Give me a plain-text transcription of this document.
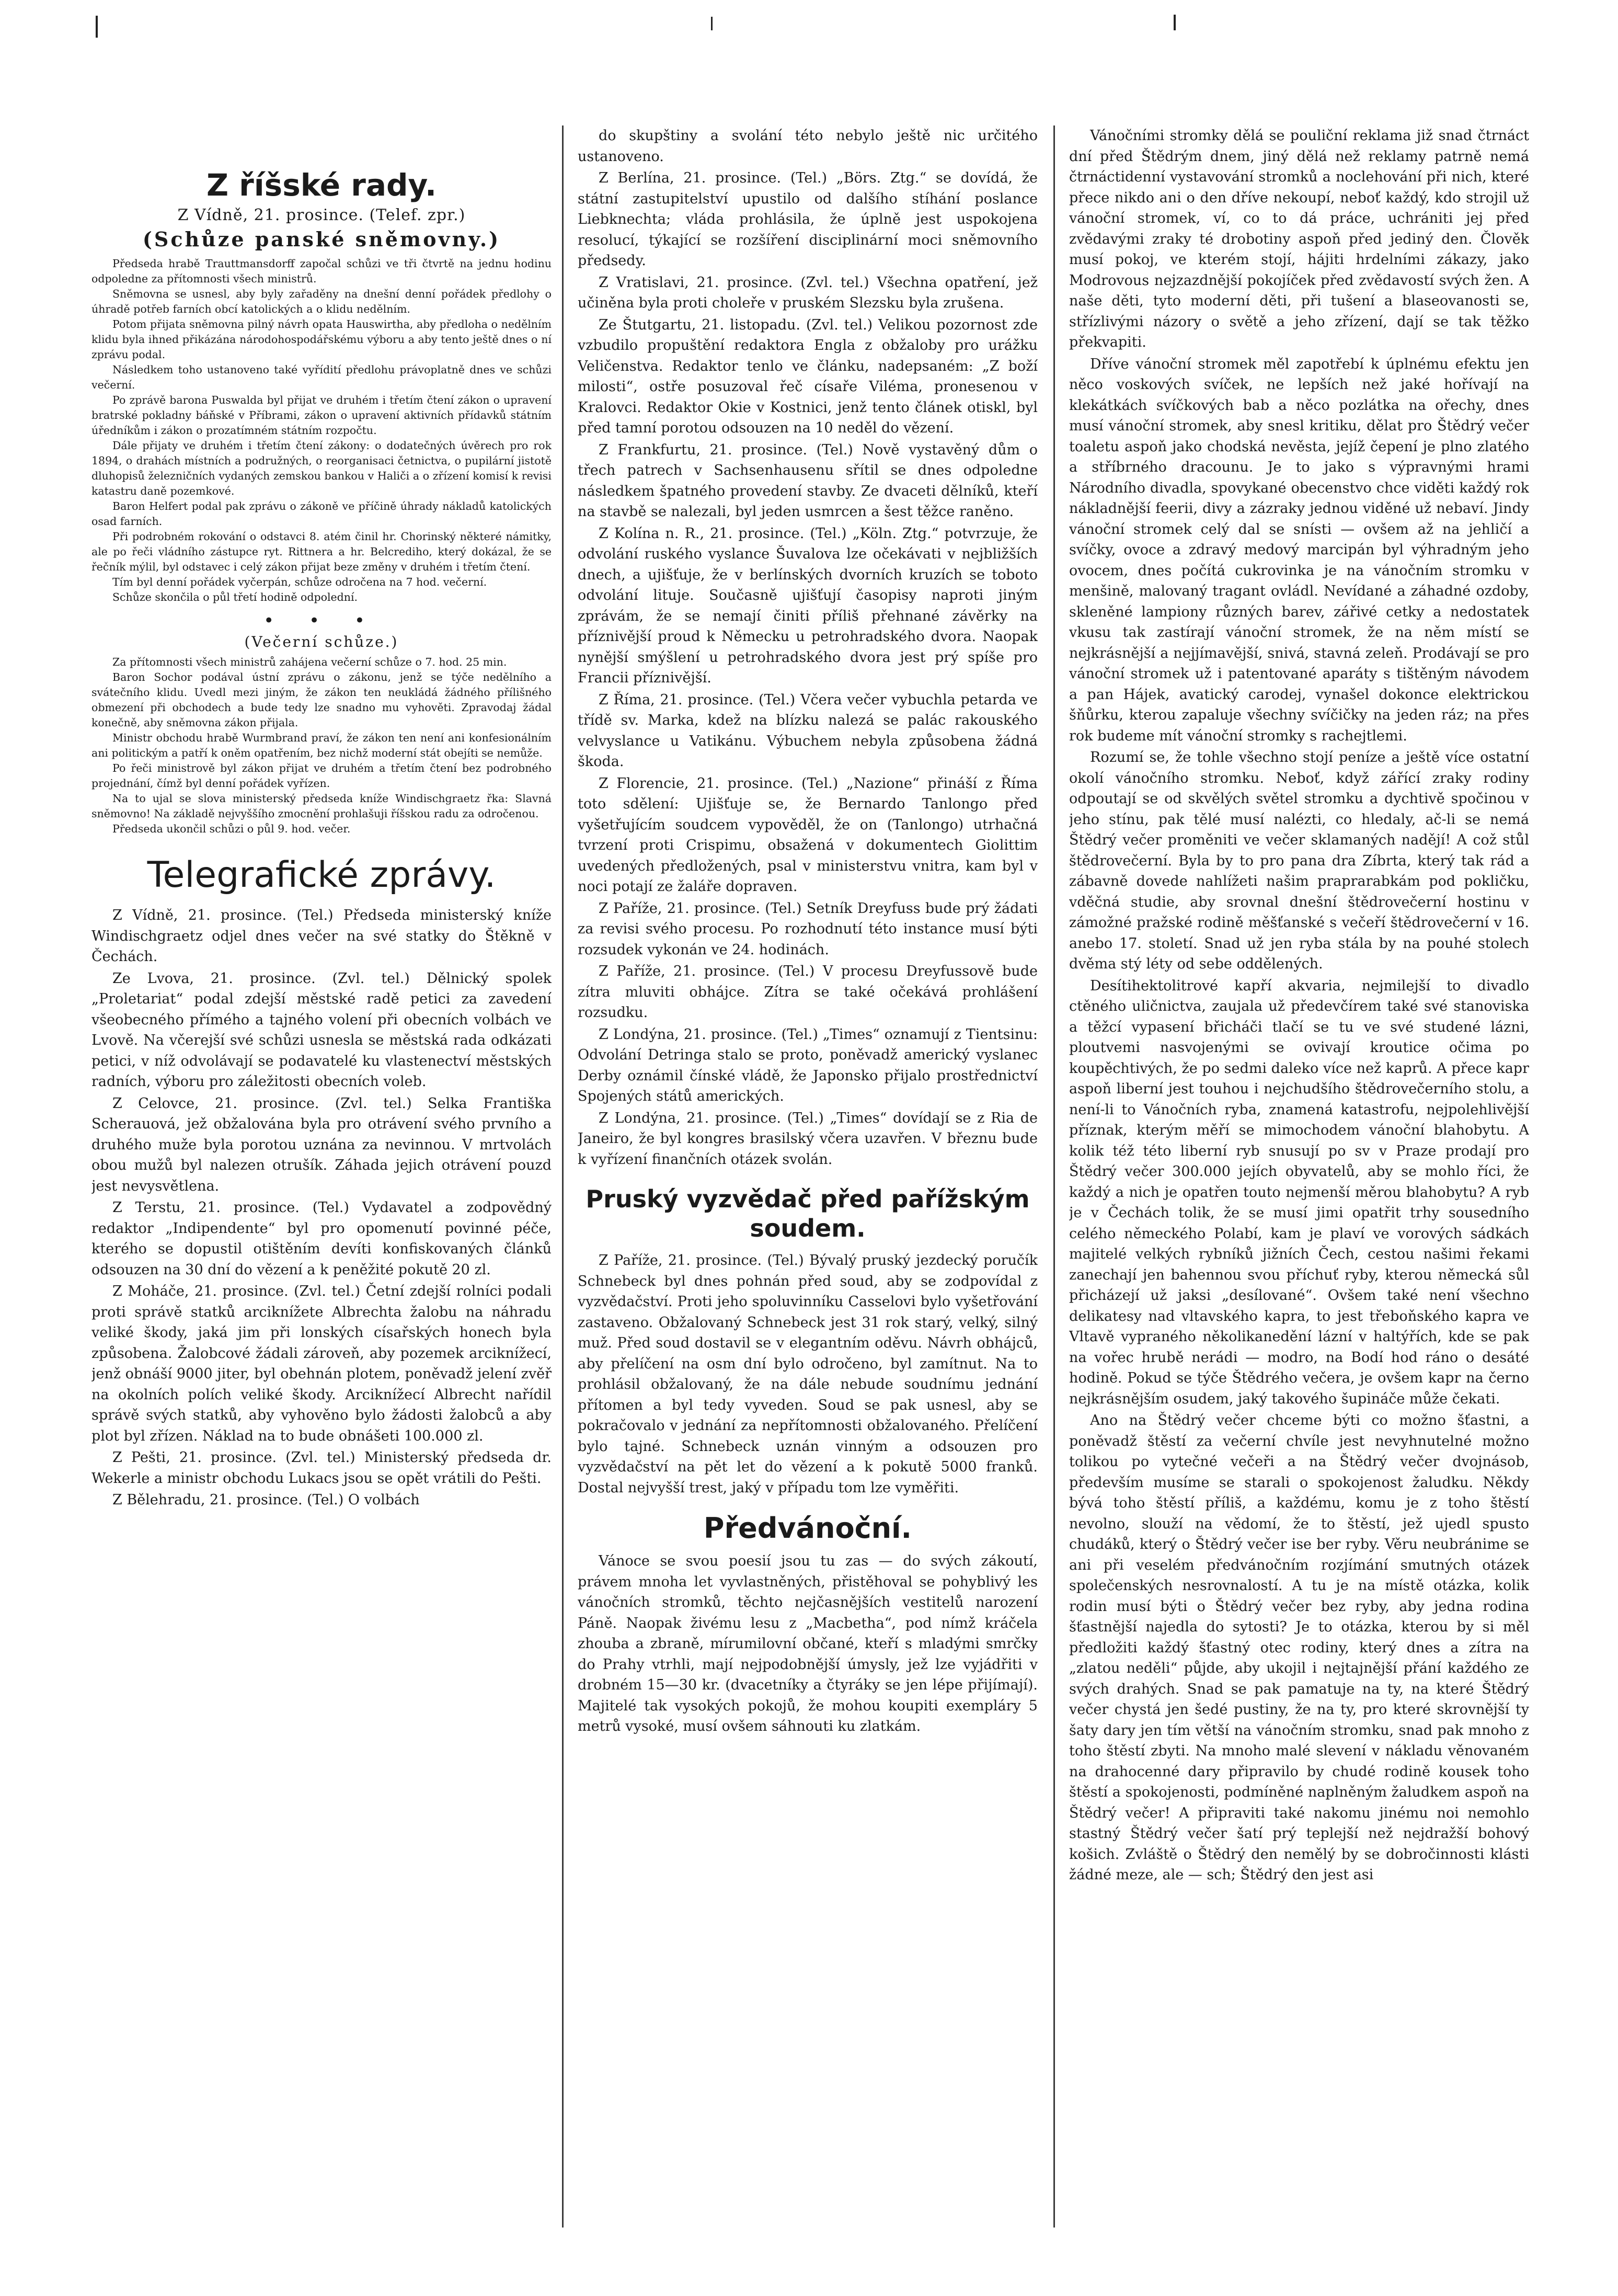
Z říšské rady.
Z Vídně, 21. prosince. (Telef. zpr.)
(Schůze panské sněmovny.)

Předseda hrabě Trauttmansdorff započal schůzi ve tři čtvrtě na jednu hodinu odpoledne za přítomnosti všech ministrů.

Sněmovna se usnesl, aby byly zařaděny na dnešní denní pořádek předlohy o úhradě potřeb farních obcí katolických a o klidu nedělním.

Potom přijata sněmovna pilný návrh opata Hauswirtha, aby předloha o nedělním klidu byla ihned přikázána národohospodářskému výboru a aby tento ještě dnes o ní zprávu podal.

Následkem toho ustanoveno také vyřídití předlohu právoplatně dnes ve schůzi večerní.

Po zprávě barona Puswalda byl přijat ve druhém i třetím čtení zákon o upravení bratrské pokladny báňské v Příbrami, zákon o upravení aktivních přídavků státním úředníkům i zákon o prozatímném státním rozpočtu.

Dále přijaty ve druhém i třetím čtení zákony: o dodatečných úvěrech pro rok 1894, o drahách místních a podružných, o reorganisaci četnictva, o pupilární jistotě dluhopisů železničních vydaných zemskou bankou v Haliči a o zřízení komisí k revisi katastru daně pozemkové.

Baron Helfert podal pak zprávu o zákoně ve příčině úhrady nákladů katolických osad farních.

Při podrobném rokování o odstavci 8. atém činil hr. Chorinský některé námitky, ale po řeči vládního zástupce ryt. Rittnera a hr. Belcrediho, který dokázal, že se řečník mýlil, byl odstavec i celý zákon přijat beze změny v druhém i třetím čtení.

Tím byl denní pořádek vyčerpán, schůze odročena na 7 hod. večerní.

Schůze skončila o půl třetí hodině odpolední.

• • •
(Večerní schůze.)

Za přítomnosti všech ministrů zahájena večerní schůze o 7. hod. 25 min.

Baron Sochor podával ústní zprávu o zákonu, jenž se týče nedělního a svátečního klidu. Uvedl mezi jiným, že zákon ten neukládá žádného přílišného obmezení při obchodech a bude tedy lze snadno mu vyhověti. Zpravodaj žádal konečně, aby sněmovna zákon přijala.

Ministr obchodu hrabě Wurmbrand praví, že zákon ten není ani konfesionálním ani politickým a patří k oněm opatřením, bez nichž moderní stát obejíti se nemůže.

Po řeči ministrově byl zákon přijat ve druhém a třetím čtení bez podrobného projednání, čímž byl denní pořádek vyřízen.

Na to ujal se slova ministerský předseda kníže Windischgraetz řka: Slavná sněmovno! Na základě nejvyššího zmocnění prohlašuji říšskou radu za odročenou.

Předseda ukončil schůzi o půl 9. hod. večer.

Telegrafické zprávy.

Z Vídně, 21. prosince. (Tel.) Předseda ministerský kníže Windischgraetz odjel dnes večer na své statky do Štěkně v Čechách.

Ze Lvova, 21. prosince. (Zvl. tel.) Dělnický spolek „Proletariat“ podal zdejší městské radě petici za zavedení všeobecného přímého a tajného volení při obecních volbách ve Lvově. Na včerejší své schůzi usnesla se městská rada odkázati petici, v níž odvolávají se podavatelé ku vlastenectví městských radních, výboru pro záležitosti obecních voleb.

Z Celovce, 21. prosince. (Zvl. tel.) Selka Františka Scherauová, jež obžalována byla pro otrávení svého prvního a druhého muže byla porotou uznána za nevinnou. V mrtvolách obou mužů byl nalezen otrušík. Záhada jejich otrávení pouzd jest nevysvětlena.

Z Terstu, 21. prosince. (Tel.) Vydavatel a zodpovědný redaktor „Indipendente“ byl pro opomenutí povinné péče, kterého se dopustil otištěním devíti konfiskovaných článků odsouzen na 30 dní do vězení a k peněžité pokutě 20 zl.

Z Moháče, 21. prosince. (Zvl. tel.) Četní zdejší rolníci podali proti správě statků arciknížete Albrechta žalobu na náhradu veliké škody, jaká jim při lonských císařských honech byla způsobena. Žalobcové žádali zároveň, aby pozemek arciknížecí, jenž obnáší 9000 jiter, byl obehnán plotem, poněvadž jelení zvěř na okolních polích veliké škody. Arciknížecí Albrecht nařídil správě svých statků, aby vyhověno bylo žádosti žalobců a aby plot byl zřízen. Náklad na to bude obnášeti 100.000 zl.

Z Pešti, 21. prosince. (Zvl. tel.) Ministerský předseda dr. Wekerle a ministr obchodu Lukacs jsou se opět vrátili do Pešti.

Z Bělehradu, 21. prosince. (Tel.) O volbách

do skupštiny a svolání této nebylo ještě nic určitého ustanoveno.

Z Berlína, 21. prosince. (Tel.) „Börs. Ztg.“ se dovídá, že státní zastupitelství upustilo od dalšího stíhání poslance Liebknechta; vláda prohlásila, že úplně jest uspokojena resolucí, týkající se rozšíření disciplinární moci sněmovního předsedy.

Z Vratislavi, 21. prosince. (Zvl. tel.) Všechna opatření, jež učiněna byla proti choleře v pruském Slezsku byla zrušena.

Ze Štutgartu, 21. listopadu. (Zvl. tel.) Velikou pozornost zde vzbudilo propuštění redaktora Engla z obžaloby pro urážku Veličenstva. Redaktor tenlo ve článku, nadepsaném: „Z boží milosti“, ostře posuzoval řeč císaře Viléma, pronesenou v Kralovci. Redaktor Okie v Kostnici, jenž tento článek otiskl, byl před tamní porotou odsouzen na 10 neděl do vězení.

Z Frankfurtu, 21. prosince. (Tel.) Nově vystavěný dům o třech patrech v Sachsenhausenu sřítil se dnes odpoledne následkem špatného provedení stavby. Ze dvaceti dělníků, kteří na stavbě se nalezali, byl jeden usmrcen a šest těžce raněno.

Z Kolína n. R., 21. prosince. (Tel.) „Köln. Ztg.“ potvrzuje, že odvolání ruského vyslance Šuvalova lze očekávati v nejbližších dnech, a ujišťuje, že v berlínských dvorních kruzích se toboto odvolání lituje. Současně ujišťují časopisy naproti jiným zprávám, že se nemají činiti příliš přehnané závěrky na příznivější proud k Německu u petrohradského dvora. Naopak nynější smýšlení u petrohradského dvora jest prý spíše pro Francii příznivější.

Z Říma, 21. prosince. (Tel.) Včera večer vybuchla petarda ve třídě sv. Marka, kdež na blízku nalezá se palác rakouského velvyslance u Vatikánu. Výbuchem nebyla způsobena žádná škoda.

Z Florencie, 21. prosince. (Tel.) „Nazione“ přináší z Říma toto sdělení: Ujišťuje se, že Bernardo Tanlongo před vyšetřujícím soudcem vypověděl, že on (Tanlongo) utrhačná tvrzení proti Crispimu, obsažená v dokumentech Giolittim uvedených předložených, psal v ministerstvu vnitra, kam byl v noci potají ze žaláře dopraven.

Z Paříže, 21. prosince. (Tel.) Setník Dreyfuss bude prý žádati za revisi svého procesu. Po rozhodnutí této instance musí býti rozsudek vykonán ve 24. hodinách.

Z Paříže, 21. prosince. (Tel.) V procesu Dreyfussově bude zítra mluviti obhájce. Zítra se také očekává prohlášení rozsudku.

Z Londýna, 21. prosince. (Tel.) „Times“ oznamují z Tientsinu: Odvolání Detringa stalo se proto, poněvadž americký vyslanec Derby oznámil čínské vládě, že Japonsko přijalo prostřednictví Spojených států amerických.

Z Londýna, 21. prosince. (Tel.) „Times“ dovídají se z Ria de Janeiro, že byl kongres brasilský včera uzavřen. V březnu bude k vyřízení finančních otázek svolán.

Pruský vyzvědač před pařížským soudem.

Z Paříže, 21. prosince. (Tel.) Bývalý pruský jezdecký poručík Schnebeck byl dnes pohnán před soud, aby se zodpovídal z vyzvědačství. Proti jeho spoluvinníku Casselovi bylo vyšetřování zastaveno. Obžalovaný Schnebeck jest 31 rok starý, velký, silný muž. Před soud dostavil se v elegantním oděvu. Návrh obhájců, aby přelíčení na osm dní bylo odročeno, byl zamítnut. Na to prohlásil obžalovaný, že na dále nebude soudnímu jednání přítomen a byl tedy vyveden. Soud se pak usnesl, aby se pokračovalo v jednání za nepřítomnosti obžalovaného. Přelíčení bylo tajné. Schnebeck uznán vinným a odsouzen pro vyzvědačství na pět let do vězení a k pokutě 5000 franků. Dostal nejvyšší trest, jaký v případu tom lze vyměřiti.

Předvánoční.

Vánoce se svou poesií jsou tu zas — do svých zákoutí, právem mnoha let vyvlastněných, přistěhoval se pohyblivý les vánočních stromků, těchto nejčasnějších vestitelů narození Páně. Naopak živému lesu z „Macbetha“, pod nímž kráčela zhouba a zbraně, mírumilovní občané, kteří s mladými smrčky do Prahy vtrhli, mají nejpodobnější úmysly, jež lze vyjádřiti v drobném 15—30 kr. (dvacetníky a čtyráky se jen lépe přijímají). Majitelé tak vysokých pokojů, že mohou koupiti exempláry 5 metrů vysoké, musí ovšem sáhnouti ku zlatkám.

Vánočními stromky dělá se pouliční reklama již snad čtrnáct dní před Štědrým dnem, jiný dělá než reklamy patrně nemá čtrnáctidenní vystavování stromků a noclehování při nich, které přece nikdo ani o den dříve nekoupí, neboť každý, kdo strojil už vánoční stromek, ví, co to dá práce, uchrániti jej před zvědavými zraky té drobotiny aspoň před jediný den. Člověk musí pokoj, ve kterém stojí, hájiti hrdelními zákazy, jako Modrovous nejzazdnější pokojíček před zvědavostí svých žen. A naše děti, tyto moderní děti, při tušení a blaseovanosti se, střízlivými názory o světě a jeho zřízení, dají se tak těžko překvapiti.

Dříve vánoční stromek měl zapotřebí k úplnému efektu jen něco voskových svíček, ne lepších než jaké hořívají na klekátkách svíčkových bab a něco pozlátka na ořechy, dnes musí vánoční stromek, aby snesl kritiku, dělat pro Štědrý večer toaletu aspoň jako chodská nevěsta, jejíž čepení je plno zlatého a stříbrného dracounu. Je to jako s výpravnými hrami Národního divadla, spovykané obecenstvo chce viděti každý rok nákladnější feerii, divy a zázraky jednou viděné už nebaví. Jindy vánoční stromek celý dal se snísti — ovšem až na jehličí a svíčky, ovoce a zdravý medový marcipán byl výhradným jeho ovocem, dnes počítá cukrovinka je na vánočním stromku v menšině, malovaný tragant ovládl. Nevídané a záhadné ozdoby, skleněné lampiony různých barev, zářivé cetky a nedostatek vkusu tak zastírají vánoční stromek, že na něm místí se nejkrásnější a nejjímavější, snivá, stavná zeleň. Prodávají se pro vánoční stromek už i patentované aparáty s tištěným návodem a pan Hájek, avatický carodej, vynašel dokonce elektrickou šňůrku, kterou zapaluje všechny svíčičky na jeden ráz; na přes rok budeme mít vánoční stromky s rachejtlemi.

Rozumí se, že tohle všechno stojí peníze a ještě více ostatní okolí vánočního stromku. Neboť, když zářící zraky rodiny odpoutají se od skvělých světel stromku a dychtivě spočinou v jeho stínu, pak tělé musí nalézti, co hledaly, ač-li se nemá Štědrý večer proměniti ve večer sklamaných nadějí! A což stůl štědrovečerní. Byla by to pro pana dra Zíbrta, který tak rád a zábavně dovede nahlížeti našim praprarabkám pod pokličku, vděčná studie, aby srovnal dnešní štědrovečerní hostinu v zámožné pražské rodině měšťanské s večeří štědrovečerní v 16. anebo 17. století. Snad už jen ryba stála by na pouhé stolech dvěma stý léty od sebe oddělených.

Desítihektolitrové kapří akvaria, nejmilejší to divadlo ctěného uličnictva, zaujala už předevčírem také své stanoviska a těžcí vypasení břicháči tlačí se tu ve své studené lázni, ploutvemi nasvojenými se ovivají kroutice očima po koupěchtivých, že po sedmi daleko více než kaprů. A přece kapr aspoň liberní jest touhou i nejchudšího štědrovečerního stolu, a není-li to Vánočních ryba, znamená katastrofu, nejpolehlivější příznak, kterým měří se mimochodem vánoční blahobytu. A kolik též této liberní ryb snusují po sv v Praze prodají pro Štědrý večer 300.000 jejích obyvatelů, aby se mohlo říci, že každý a nich je opatřen touto nejmenší měrou blahobytu? A ryb je v Čechách tolik, že se musí jimi opatřit trhy sousedního celého německého Polabí, kam je plaví ve vorových sádkách majitelé velkých rybníků jižních Čech, cestou našimi řekami zanechají jen bahennou svou příchuť ryby, kterou německá sůl přicházejí už jaksi „desílované“. Ovšem také není všechno delikatesy nad vltavského kapra, to jest třeboňského kapra ve Vltavě vypraného několikanedění lázní v haltýřích, kde se pak na vořec hrubě nerádi — modro, na Bodí hod ráno o desáté hodině. Pokud se týče Štědrého večera, je ovšem kapr na černo nejkrásnějším osudem, jaký takového šupináče může čekati.

Ano na Štědrý večer chceme býti co možno šťastni, a poněvadž štěstí za večerní chvíle jest nevyhnutelné možno tolikou po vytečné večeři a na Štědrý večer dvojnásob, především musíme se starali o spokojenost žaludku. Někdy bývá toho štěstí příliš, a každému, komu je z toho štěstí nevolno, slouží na vědomí, že to štěstí, jež ujedl spusto chudáků, který o Štědrý večer ise ber ryby. Věru neubránime se ani při veselém předvánočním rozjímání smutných otázek společenských nesrovnalostí. A tu je na místě otázka, kolik rodin musí býti o Štědrý večer bez ryby, aby jedna rodina šťastnější najedla do sytosti? Je to otázka, kterou by si měl předložiti každý šťastný otec rodiny, který dnes a zítra na „zlatou neděli“ půjde, aby ukojil i nejtajnější přání každého ze svých drahých. Snad se pak pamatuje na ty, na které Štědrý večer chystá jen šedé pustiny, že na ty, pro které skrovnější ty šaty dary jen tím větší na vánočním stromku, snad pak mnoho z toho štěstí zbyti. Na mnoho malé slevení v nákladu věnovaném na drahocenné dary připravilo by chudé rodině kousek toho štěstí a spokojenosti, podmíněné naplněným žaludkem aspoň na Štědrý večer! A připraviti také nakomu jinému noi nemohlo stastný Štědrý večer šatí prý teplejší než nejdražší bohový košich. Zvláště o Štědrý den nemělý by se dobročinnosti klásti žádné meze, ale — sch; Štědrý den jest asi
